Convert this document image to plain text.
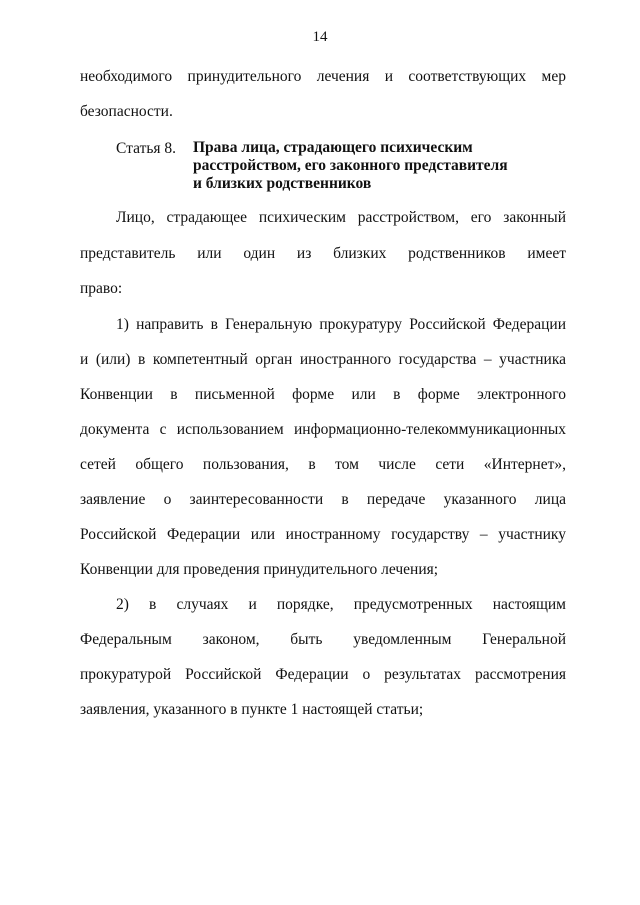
14
необходимого принудительного лечения и соответствующих мер
безопасности.
Статья 8. Права лица, страдающего психическим
расстройством, его законного представителя
и близких родственников
Лицо, страдающее психическим расстройством, его законный
представитель или один из близких родственников имеет
право:
1) направить в Генеральную прокуратуру Российской Федерации
и (или) в компетентный орган иностранного государства – участника
Конвенции в письменной форме или в форме электронного
документа с использованием информационно-телекоммуникационных
сетей общего пользования, в том числе сети «Интернет»,
заявление о заинтересованности в передаче указанного лица
Российской Федерации или иностранному государству – участнику
Конвенции для проведения принудительного лечения;
2) в случаях и порядке, предусмотренных настоящим
Федеральным законом, быть уведомленным Генеральной
прокуратурой Российской Федерации о результатах рассмотрения
заявления, указанного в пункте 1 настоящей статьи;
